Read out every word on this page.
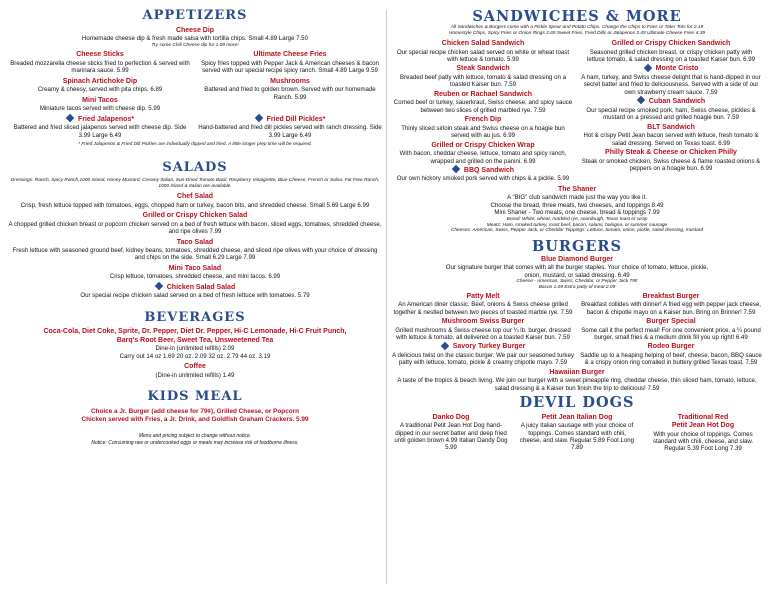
APPETIZERS
Cheese Dip
Homemade cheese dip & fresh made salsa with tortilla chips. Small 4.89 Large 7.50
Try some Chili Cheese dip for 1.09 more!
Cheese Sticks
Breaded mozzarella cheese sticks fried to perfection & served with marinara sauce. 5.99
Spinach Artichoke Dip
Creamy & cheesy, served with pita chips. 6.89
Mini Tacos
Miniature tacos served with cheese dip. 5.99
Ultimate Cheese Fries
Spicy fries topped with Pepper Jack & American cheeses & bacon served with our special recipe spicy ranch. Small 4.89 Large 9.59
Mushrooms
Battered and fried to golden brown. Served with our homemade Ranch. 5.99
Fried Jalapenos*
Battered and fried sliced jalapenos served with cheese dip. Side 3.99 Large 6.49
Fried Dill Pickles*
Hand-battered and fried dill pickles served with ranch dressing. Side 3.99 Large 6.49
* Fried Jalapenos & Fried Dill Pickles are individually dipped and fried. A little longer prep time will be required.
SALADS
Dressings: Ranch, Spicy Ranch,1000 Island, Honey Mustard, Creamy Italian, Sun-Dried Tomato Basil, Raspberry Vinaigrette, Blue Cheese, French or Salsa. Fat Free Ranch, 1000 Island & Italian are available.
Chef Salad
Crisp, fresh lettuce topped with tomatoes, eggs, chopped ham or turkey, bacon bits, and shredded cheese. Small 5.69 Large 6.99
Grilled or Crispy Chicken Salad
A chopped grilled chicken breast or popcorn chicken served on a bed of fresh lettuce with bacon, sliced eggs, tomatoes, shredded cheese, and ripe olives 7.99
Taco Salad
Fresh lettuce with seasoned ground beef, kidney beans, tomatoes, shredded cheese, and sliced ripe olives with your choice of dressing and chips on the side. Small 6.29 Large 7.99
Mini Taco Salad
Crisp lettuce, tomatoes, shredded cheese, and mini tacos. 6.99
Chicken Salad Salad
Our special recipe chicken salad served on a bed of fresh lettuce with tomatoes. 5.79
BEVERAGES
Coca-Cola, Diet Coke, Sprite, Dr. Pepper, Diet Dr. Pepper, Hi-C Lemonade, Hi-C Fruit Punch, Barq's Root Beer, Sweet Tea, Unsweetened Tea
Dine-in (unlimited refills) 2.09
Carry out 14 oz 1.69 20 oz. 2.09 32 oz. 2.79 44 oz. 3.19
Coffee
(Dine-in unlimited refills) 1.49
KIDS MEAL
Choice a Jr. Burger (add cheese for 79¢), Grilled Cheese, or Popcorn Chicken served with Fries, a Jr. Drink, and Goldfish Graham Crackers. 5.99
Menu and pricing subject to change without notice.
Notice: Consuming raw or undercooked eggs or meats may increase risk of foodborne illness.
SANDWICHES & MORE
All Sandwiches & Burgers come with a Pickle Spear and Potato Chips. Change the Chips to Fries or Tater Tots for 2.19
Homestyle Chips, Spicy Fries or Onion Rings 2.69 Sweet Fries, Fried Dills or Jalapenos 3.49 Ultimate Cheese Fries 4.39
Chicken Salad Sandwich
Our special recipe chicken salad served on white or wheat toast with lettuce & tomato. 5.99
Steak Sandwich
Breaded beef patty with lettuce, tomato & salad dressing on a toasted Kaiser bun. 7.59
Reuben or Rachael Sandwich
Corned beef or turkey, sauerkraut, Swiss cheese, and spicy sauce between two slices of grilled marbled rye. 7.59
French Dip
Thinly sliced sirloin steak and Swiss cheese on a hoagie bun served with au jus. 6.99
Grilled or Crispy Chicken Wrap
With bacon, cheddar cheese, lettuce, tomato and spicy ranch, wrapped and grilled on the panini. 6.99
BBQ Sandwich
Our own hickory smoked pork served with chips & a pickle. 5.99
Grilled or Crispy Chicken Sandwich
Seasoned grilled chicken breast, or crispy chicken patty with lettuce tomato, & salad dressing on a toasted Kaiser bun. 6.99
Monte Cristo
A ham, turkey, and Swiss cheese delight that is hand-dipped in our secret batter and fried to deliciousness. Served with a side of our own strawberry cream sauce. 7.59
Cuban Sandwich
Our special recipe smoked pork, ham, Swiss cheese, pickles & mustard on a pressed and grilled hoagie bun. 7.59
BLT Sandwich
Hot & crispy Petit Jean bacon served with lettuce, fresh tomato & salad dressing. Served on Texas toast. 6.99
Philly Steak & Cheese or Chicken Philly
Steak or smoked chicken, Swiss cheese & flame roasted onions & peppers on a hoagie bun. 6.99
The Shaner
A "BIG" club sandwich made just the way you like it.
Choose the bread, three meats, two cheeses, and toppings 8.49
Mini Shaner - Two meats, one cheese, bread & toppings 7.99
Bread: White, wheat, marbled rye, sourdough, Texas toast or wrap
Meats: Ham, smoked turkey, roast beef, bacon, salami, bologna, or summer sausage
Cheeses: American, Swiss, Pepper Jack, or Cheddar Toppings: Lettuce, tomato, onion, pickle, salad dressing, mustard
BURGERS
Blue Diamond Burger
Our signature burger that comes with all the burger staples. Your choice of tomato, lettuce, pickle, onion, mustard, or salad dressing. 6.49
Cheese - American, Swiss, Cheddar, or Pepper Jack 79¢
Bacon 1.09 Extra patty of meat 2.09
Patty Melt
An American diner classic. Beef, onions & Swiss cheese grilled together & nestled between two pieces of toasted marble rye. 7.59
Mushroom Swiss Burger
Grilled mushrooms & Swiss cheese top our ¼ lb. burger, dressed with lettuce & tomato, all delivered on a toasted Kaiser bun. 7.59
Savory Turkey Burger
A delicious twist on the classic burger. We pair our seasoned turkey patty with lettuce, tomato, pickle & creamy chipotle mayo. 7.59
Breakfast Burger
Breakfast collides with dinner! A fried egg with pepper jack cheese, bacon & chipotle mayo on a Kaiser bun. Bring on Brinner! 7.59
Burger Special
Some call it the perfect meal! For one convenient price, a ¼ pound burger, small fries & a medium drink fill you up right! 6.49
Rodeo Burger
Saddle up to a heaping helping of beef, cheese, bacon, BBQ sauce & a crispy onion ring corralled in buttery grilled Texas toast. 7.59
Hawaiian Burger
A taste of the tropics & beach living. We join our burger with a sweet pineapple ring, cheddar cheese, thin sliced ham, tomato, lettuce, salad dressing & a Kaiser bun finish the trip to delicious! 7.59
DEVIL DOGS
Danko Dog
A traditional Petit Jean Hot Dog hand-dipped in our secret batter and deep fried until golden brown 4.99 Italian Dandy Dog 5.99
Petit Jean Italian Dog
A juicy Italian sausage with your choice of toppings. Comes standard with chili, cheese, and slaw. Regular 5.89 Foot Long 7.89
Traditional Red
Petit Jean Hot Dog
With your choice of toppings. Comes standard with chili, cheese, and slaw. Regular 5.39 Foot Long 7.39
